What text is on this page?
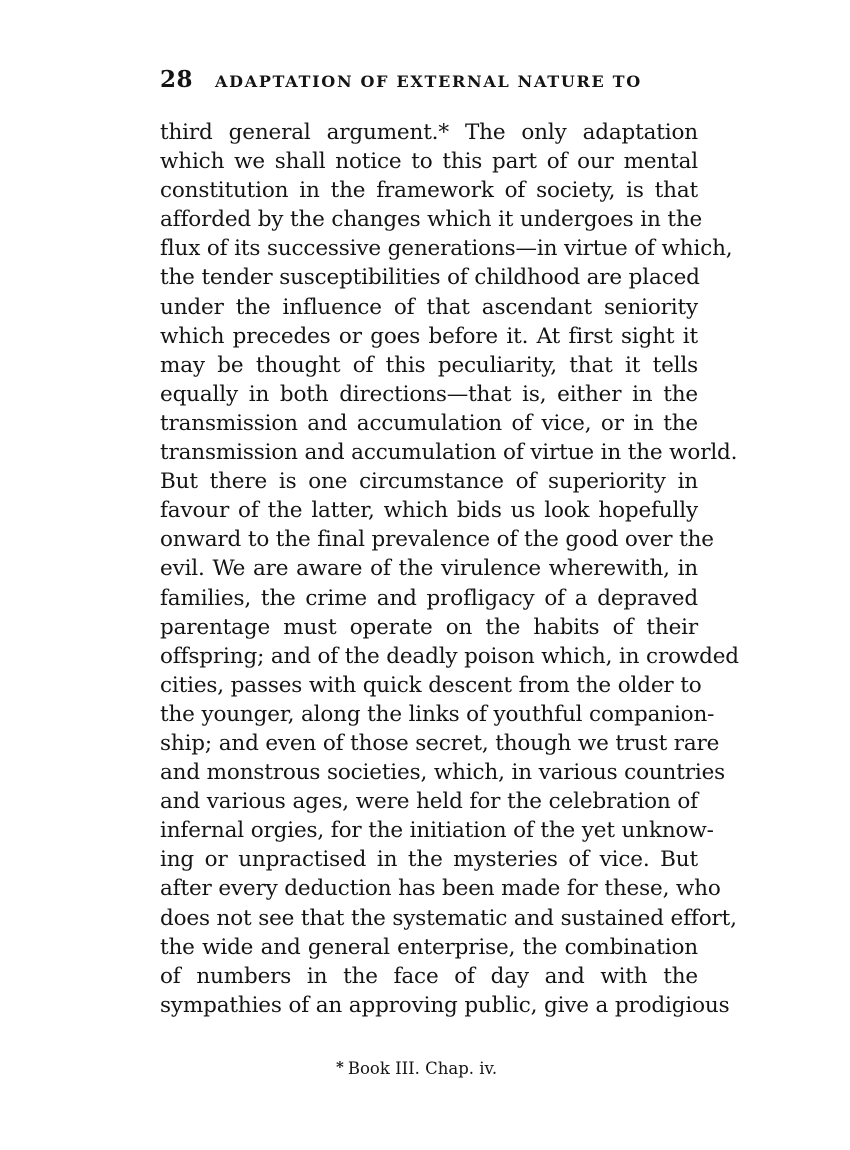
28 ADAPTATION OF EXTERNAL NATURE TO
third general argument.* The only adaptation
which we shall notice to this part of our mental
constitution in the framework of society, is that
afforded by the changes which it undergoes in the
flux of its successive generations—in virtue of which,
the tender susceptibilities of childhood are placed
under the influence of that ascendant seniority
which precedes or goes before it. At first sight it
may be thought of this peculiarity, that it tells
equally in both directions—that is, either in the
transmission and accumulation of vice, or in the
transmission and accumulation of virtue in the world.
But there is one circumstance of superiority in
favour of the latter, which bids us look hopefully
onward to the final prevalence of the good over the
evil. We are aware of the virulence wherewith, in
families, the crime and profligacy of a depraved
parentage must operate on the habits of their
offspring; and of the deadly poison which, in crowded
cities, passes with quick descent from the older to
the younger, along the links of youthful companion-
ship; and even of those secret, though we trust rare
and monstrous societies, which, in various countries
and various ages, were held for the celebration of
infernal orgies, for the initiation of the yet unknow-
ing or unpractised in the mysteries of vice. But
after every deduction has been made for these, who
does not see that the systematic and sustained effort,
the wide and general enterprise, the combination
of numbers in the face of day and with the
sympathies of an approving public, give a prodigious
* Book III. Chap. iv.
